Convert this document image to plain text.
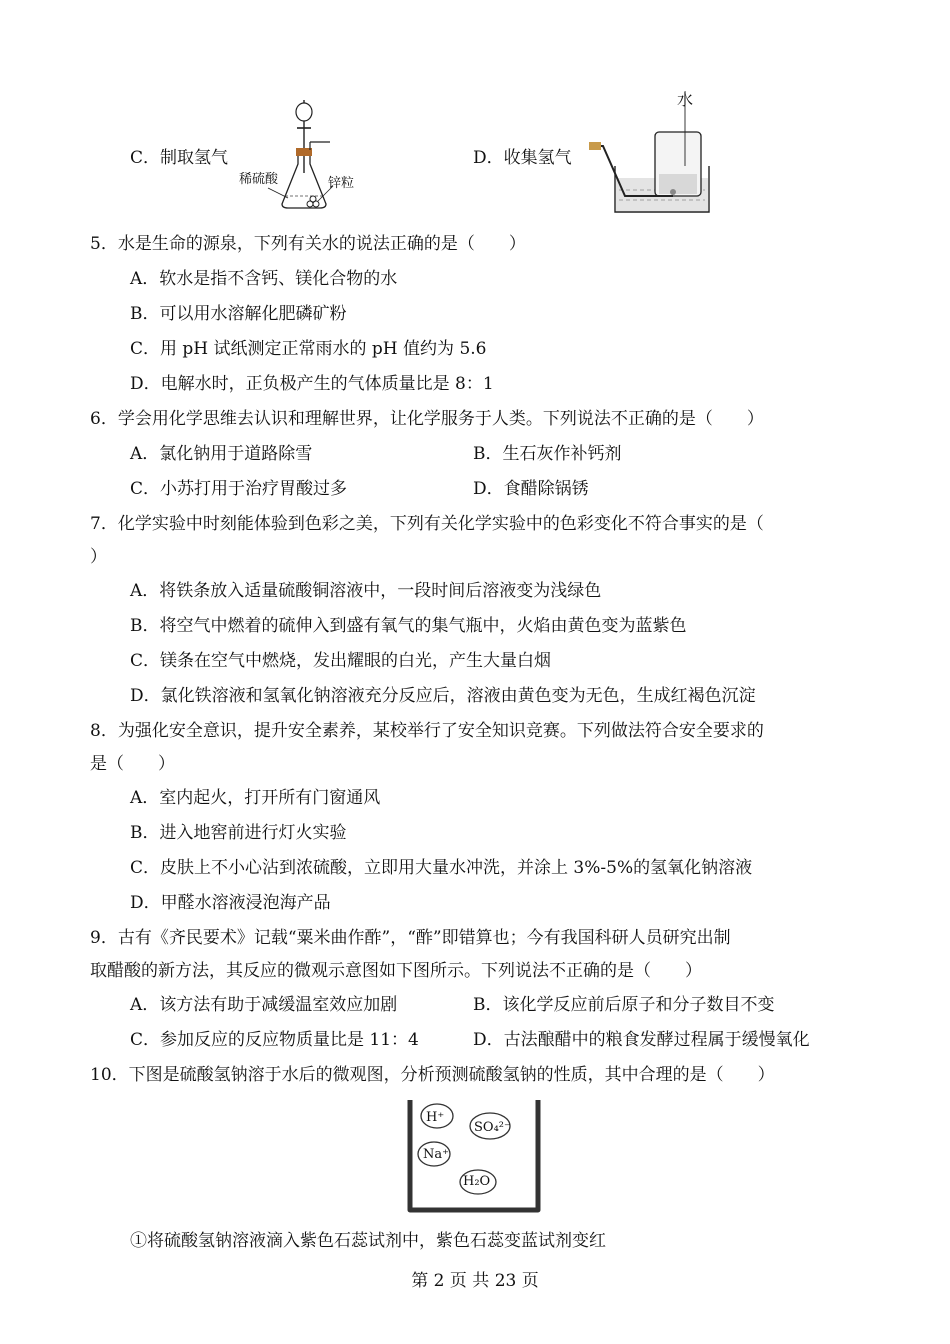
C．制取氢气
稀硫酸	锌粒
D．收集氢气
水
5．水是生命的源泉，下列有关水的说法正确的是（　　）
A．软水是指不含钙、镁化合物的水
B．可以用水溶解化肥磷矿粉
C．用 pH 试纸测定正常雨水的 pH 值约为 5.6
D．电解水时，正负极产生的气体质量比是 8：1
6．学会用化学思维去认识和理解世界，让化学服务于人类。下列说法不正确的是（　　）
A．氯化钠用于道路除雪	B．生石灰作补钙剂
C．小苏打用于治疗胃酸过多	D．食醋除锅锈
7．化学实验中时刻能体验到色彩之美，下列有关化学实验中的色彩变化不符合事实的是（
）
A．将铁条放入适量硫酸铜溶液中，一段时间后溶液变为浅绿色
B．将空气中燃着的硫伸入到盛有氧气的集气瓶中，火焰由黄色变为蓝紫色
C．镁条在空气中燃烧，发出耀眼的白光，产生大量白烟
D．氯化铁溶液和氢氧化钠溶液充分反应后，溶液由黄色变为无色，生成红褐色沉淀
8．为强化安全意识，提升安全素养，某校举行了安全知识竞赛。下列做法符合安全要求的
是（　　）
A．室内起火，打开所有门窗通风
B．进入地窖前进行灯火实验
C．皮肤上不小心沾到浓硫酸，立即用大量水冲洗，并涂上 3%-5%的氢氧化钠溶液
D．甲醛水溶液浸泡海产品
9．古有《齐民要术》记载“粟米曲作酢”，“酢”即错算也；今有我国科研人员研究出制
取醋酸的新方法，其反应的微观示意图如下图所示。下列说法不正确的是（　　）
A．该方法有助于减缓温室效应加剧	B．该化学反应前后原子和分子数目不变
C．参加反应的反应物质量比是 11：4	D．古法酿醋中的粮食发酵过程属于缓慢氧化
10．下图是硫酸氢钠溶于水后的微观图，分析预测硫酸氢钠的性质，其中合理的是（　　）
H⁺
SO₄²⁻
Na⁺
H₂O
①将硫酸氢钠溶液滴入紫色石蕊试剂中，紫色石蕊变蓝试剂变红
第 2 页 共 23 页
